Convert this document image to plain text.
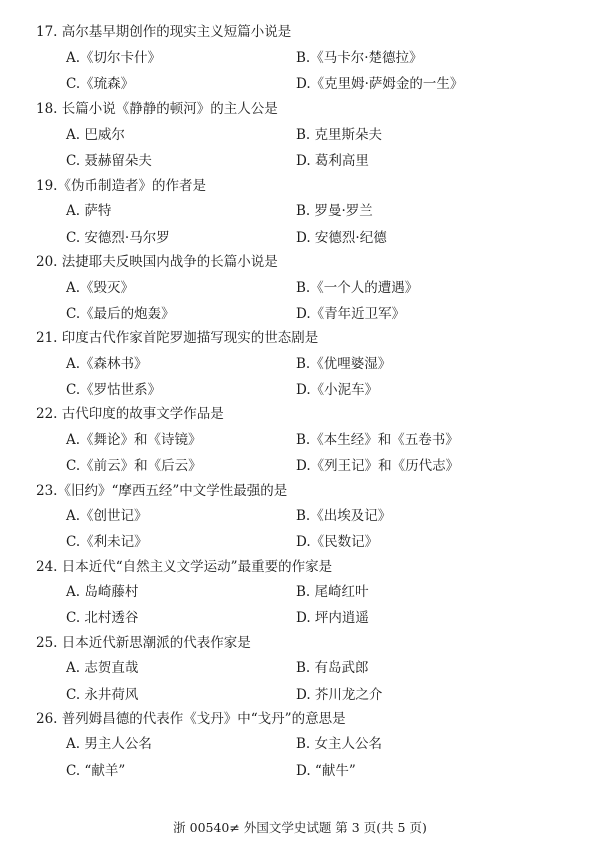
17. 高尔基早期创作的现实主义短篇小说是
A.《切尔卡什》	B.《马卡尔·楚德拉》
C.《琉森》	D.《克里姆·萨姆金的一生》
18. 长篇小说《静静的顿河》的主人公是
A. 巴威尔	B. 克里斯朵夫
C. 聂赫留朵夫	D. 葛利高里
19.《伪币制造者》的作者是
A. 萨特	B. 罗曼·罗兰
C. 安德烈·马尔罗	D. 安德烈·纪德
20. 法捷耶夫反映国内战争的长篇小说是
A.《毁灭》	B.《一个人的遭遇》
C.《最后的炮轰》	D.《青年近卫军》
21. 印度古代作家首陀罗迦描写现实的世态剧是
A.《森林书》	B.《优哩婆湿》
C.《罗怙世系》	D.《小泥车》
22. 古代印度的故事文学作品是
A.《舞论》和《诗镜》	B.《本生经》和《五卷书》
C.《前云》和《后云》	D.《列王记》和《历代志》
23.《旧约》“摩西五经”中文学性最强的是
A.《创世记》	B.《出埃及记》
C.《利未记》	D.《民数记》
24. 日本近代“自然主义文学运动”最重要的作家是
A. 岛崎藤村	B. 尾崎红叶
C. 北村透谷	D. 坪内逍遥
25. 日本近代新思潮派的代表作家是
A. 志贺直哉	B. 有岛武郎
C. 永井荷风	D. 芥川龙之介
26. 普列姆昌德的代表作《戈丹》中“戈丹”的意思是
A. 男主人公名	B. 女主人公名
C. “献羊”	D. “献牛”
浙 00540≠ 外国文学史试题 第 3 页(共 5 页)
